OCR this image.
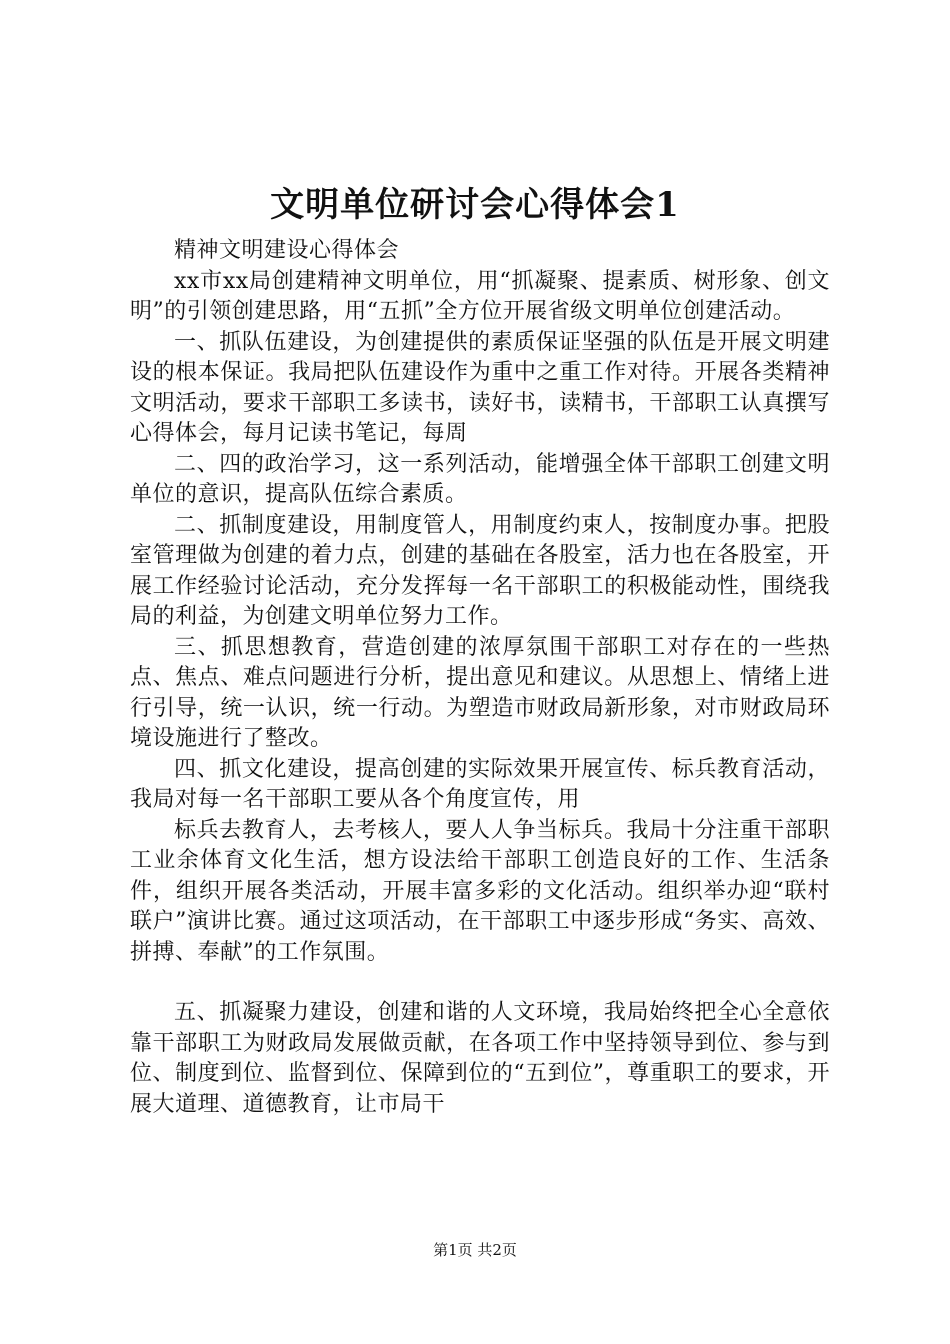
文明单位研讨会心得体会1

精神文明建设心得体会

xx市xx局创建精神文明单位，用“抓凝聚、提素质、树形象、创文明”的引领创建思路，用“五抓”全方位开展省级文明单位创建活动。

一、抓队伍建设，为创建提供的素质保证坚强的队伍是开展文明建设的根本保证。我局把队伍建设作为重中之重工作对待。开展各类精神文明活动，要求干部职工多读书，读好书，读精书，干部职工认真撰写心得体会，每月记读书笔记，每周

二、四的政治学习，这一系列活动，能增强全体干部职工创建文明单位的意识，提高队伍综合素质。

二、抓制度建设，用制度管人，用制度约束人，按制度办事。把股室管理做为创建的着力点，创建的基础在各股室，活力也在各股室，开展工作经验讨论活动，充分发挥每一名干部职工的积极能动性，围绕我局的利益，为创建文明单位努力工作。

三、抓思想教育，营造创建的浓厚氛围干部职工对存在的一些热点、焦点、难点问题进行分析，提出意见和建议。从思想上、情绪上进行引导，统一认识，统一行动。为塑造市财政局新形象，对市财政局环境设施进行了整改。

四、抓文化建设，提高创建的实际效果开展宣传、标兵教育活动，我局对每一名干部职工要从各个角度宣传，用

标兵去教育人，去考核人，要人人争当标兵。我局十分注重干部职工业余体育文化生活，想方设法给干部职工创造良好的工作、生活条件，组织开展各类活动，开展丰富多彩的文化活动。组织举办迎“联村联户”演讲比赛。通过这项活动，在干部职工中逐步形成“务实、高效、拼搏、奉献”的工作氛围。

五、抓凝聚力建设，创建和谐的人文环境，我局始终把全心全意依靠干部职工为财政局发展做贡献，在各项工作中坚持领导到位、参与到位、制度到位、监督到位、保障到位的“五到位”，尊重职工的要求，开展大道理、道德教育，让市局干

第1页 共2页
